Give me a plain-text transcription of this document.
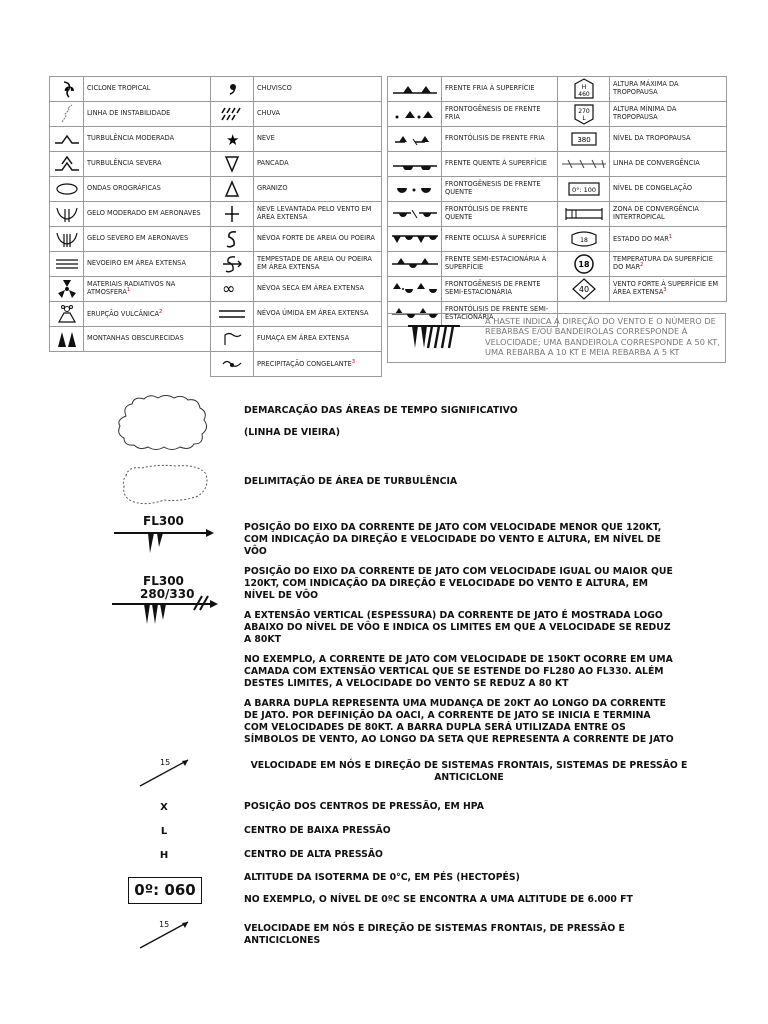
ᴖ	CICLONE TROPICAL

	LINHA DE INSTABILIDADE

	TURBULÊNCIA MODERADA

	TURBULÊNCIA SEVERA

	ONDAS OROGRÁFICAS

	GELO MODERADO EM AERONAVES

	GELO SEVERO EM AERONAVES

	NEVOEIRO EM ÁREA EXTENSA

	MATERIAIS RADIATIVOS NA ATMOSFERA$^1$

	ERUPÇÃO VULCÂNICA$^2$

	MONTANHAS OBSCURECIDAS
	CHUVISCO

	CHUVA

★	NEVE

	PANCADA

	GRANIZO

	NEVE LEVANTADA PELO VENTO EM ÁREA EXTENSA

	NÉVOA FORTE DE AREIA OU POEIRA

	TEMPESTADE DE AREIA OU POEIRA EM ÁREA EXTENSA

∞	NÉVOA SECA EM ÁREA EXTENSA

	NÉVOA ÚMIDA EM ÁREA EXTENSA

	FUMAÇA EM ÁREA EXTENSA

	PRECIPITAÇÃO CONGELANTE$^3$
	FRENTE FRIA À SUPERFÍCIE

	FRONTOGÊNESIS DE FRENTE FRIA

	FRONTÓLISIS DE FRENTE FRIA

	FRENTE QUENTE À SUPERFÍCIE

	FRONTOGÊNESIS DE FRENTE QUENTE

	FRONTÓLISIS DE FRENTE QUENTE

	FRENTE OCLUSA À SUPERFÍCIE

	FRENTE SEMI-ESTACIONÁRIA À SUPERFÍCIE

	FRONTOGÊNESIS DE FRENTE SEMI-ESTACIONÁRIA

	FRONTÓLISIS DE FRENTE SEMI-ESTACIONÁRIA
H
460	ALTURA MÁXIMA DA TROPOPAUSA

270
L	ALTURA MÍNIMA DA TROPOPAUSA

380	NÍVEL DA TROPOPAUSA

	LINHA DE CONVERGÊNCIA

0°: 100	NÍVEL DE CONGELAÇÃO

	ZONA DE CONVERGÊNCIA INTERTROPICAL

18	ESTADO DO MAR$^1$

18	TEMPERATURA DA SUPERFÍCIE DO MAR$^2$

40	VENTO FORTE À SUPERFÍCIE EM ÁREA EXTENSA$^3$
A HASTE INDICA A DIREÇÃO DO VENTO E O NÚMERO DE REBARBAS E/OU BANDEIROLAS CORRESPONDE À VELOCIDADE; UMA BANDEIROLA CORRESPONDE A 50 KT, UMA REBARBA A 10 KT E MEIA REBARBA A 5 KT
DEMARCAÇÃO DAS ÁREAS DE TEMPO SIGNIFICATIVO
(LINHA DE VIEIRA)
DELIMITAÇÃO DE ÁREA DE TURBULÊNCIA
FL300	POSIÇÃO DO EIXO DA CORRENTE DE JATO COM VELOCIDADE MENOR QUE 120KT, COM INDICAÇÃO DA DIREÇÃO E VELOCIDADE DO VENTO E ALTURA, EM NÍVEL DE VÔO
FL300
280/330
POSIÇÃO DO EIXO DA CORRENTE DE JATO COM VELOCIDADE IGUAL OU MAIOR QUE 120KT, COM INDICAÇÃO DA DIREÇÃO E VELOCIDADE DO VENTO E ALTURA, EM NÍVEL DE VÔO
A EXTENSÃO VERTICAL (ESPESSURA) DA CORRENTE DE JATO É MOSTRADA LOGO ABAIXO DO NÍVEL DE VÔO E INDICA OS LIMITES EM QUE A VELOCIDADE SE REDUZ A 80KT
NO EXEMPLO, A CORRENTE DE JATO COM VELOCIDADE DE 150KT OCORRE EM UMA CAMADA COM EXTENSÃO VERTICAL QUE SE ESTENDE DO FL280 AO FL330. ALÉM DESTES LIMITES, A VELOCIDADE DO VENTO SE REDUZ A 80 KT
A BARRA DUPLA REPRESENTA UMA MUDANÇA DE 20KT AO LONGO DA CORRENTE DE JATO. POR DEFINIÇÃO DA OACI, A CORRENTE DE JATO SE INICIA E TERMINA COM VELOCIDADES DE 80KT. A BARRA DUPLA SERÁ UTILIZADA ENTRE OS SÍMBOLOS DE VENTO, AO LONGO DA SETA QUE REPRESENTA A CORRENTE DE JATO
15	VELOCIDADE EM NÓS E DIREÇÃO DE SISTEMAS FRONTAIS, SISTEMAS DE PRESSÃO E ANTICICLONE
X	POSIÇÃO DOS CENTROS DE PRESSÃO, EM HPA
L	CENTRO DE BAIXA PRESSÃO
H	CENTRO DE ALTA PRESSÃO
0º: 060
ALTITUDE DA ISOTERMA DE 0°C, EM PÉS (HECTOPÉS)
NO EXEMPLO, O NÍVEL DE 0ºC SE ENCONTRA A UMA ALTITUDE DE 6.000 FT
15	VELOCIDADE EM NÓS E DIREÇÃO DE SISTEMAS FRONTAIS, DE PRESSÃO E ANTICICLONES
